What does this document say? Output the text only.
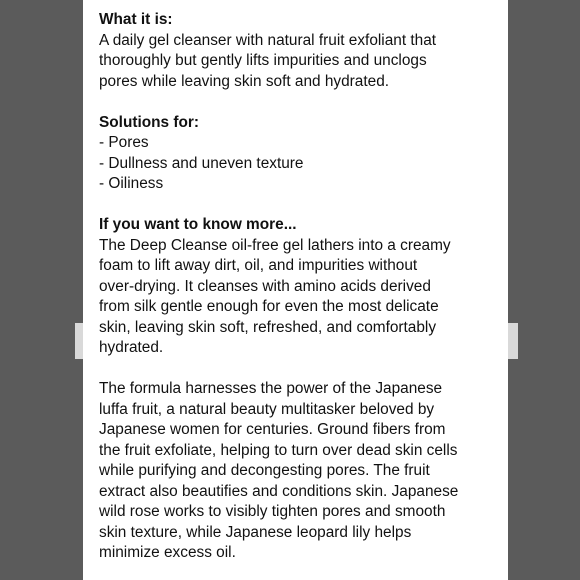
What it is:

A daily gel cleanser with natural fruit exfoliant that
thoroughly but gently lifts impurities and unclogs
pores while leaving skin soft and hydrated.

Solutions for:

- Pores
- Dullness and uneven texture
- Oiliness

If you want to know more...

The Deep Cleanse oil-free gel lathers into a creamy
foam to lift away dirt, oil, and impurities without
over-drying. It cleanses with amino acids derived
from silk gentle enough for even the most delicate
skin, leaving skin soft, refreshed, and comfortably
hydrated.

The formula harnesses the power of the Japanese
luffa fruit, a natural beauty multitasker beloved by
Japanese women for centuries. Ground fibers from
the fruit exfoliate, helping to turn over dead skin cells
while purifying and decongesting pores. The fruit
extract also beautifies and conditions skin. Japanese
wild rose works to visibly tighten pores and smooth
skin texture, while Japanese leopard lily helps
minimize excess oil.
